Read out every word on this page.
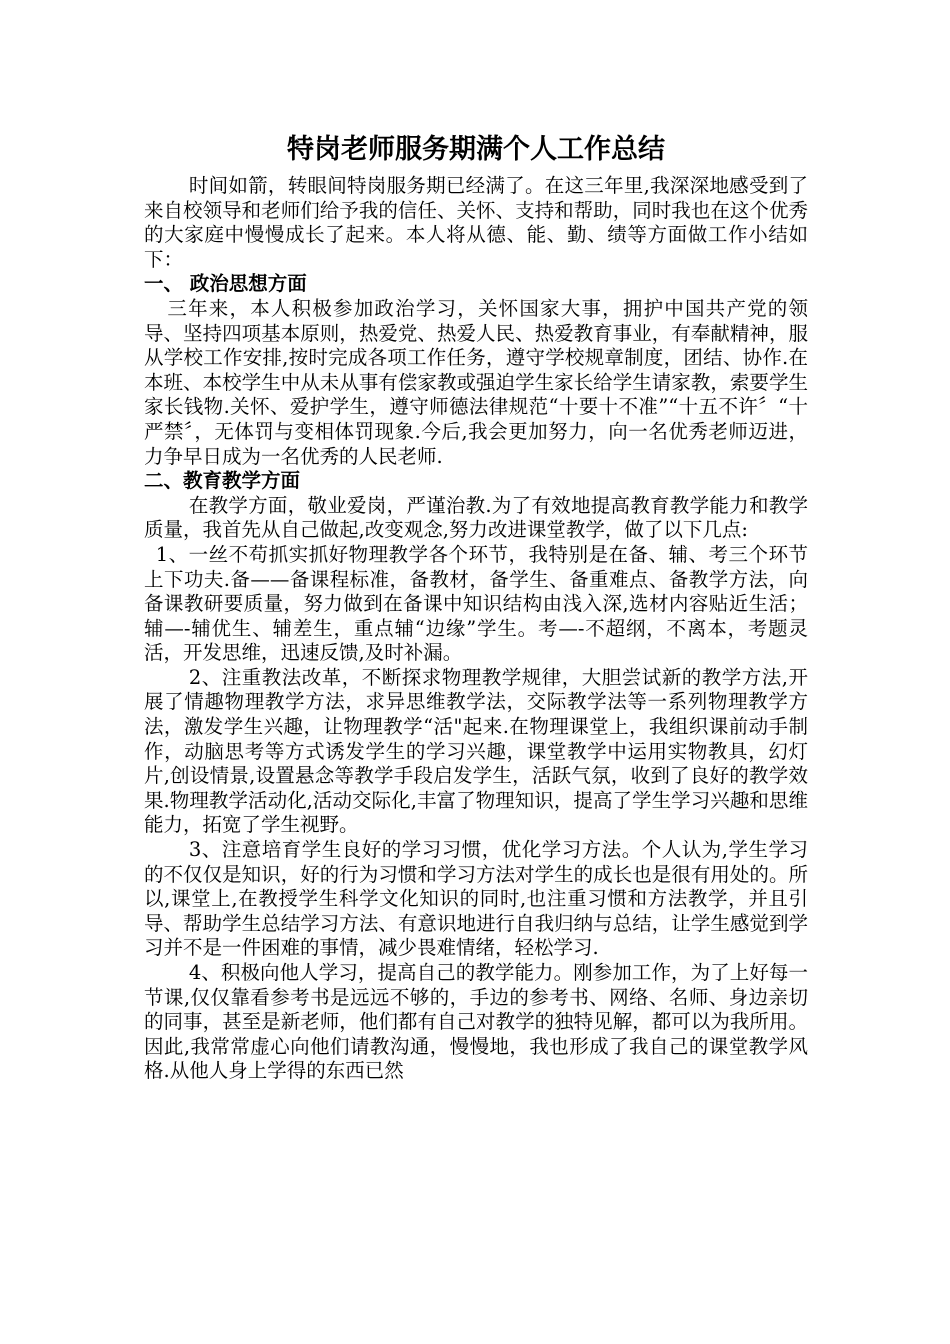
特岗老师服务期满个人工作总结

时间如箭，转眼间特岗服务期已经满了。在这三年里,我深深地感受到了来自校领导和老师们给予我的信任、关怀、支持和帮助，同时我也在这个优秀的大家庭中慢慢成长了起来。本人将从德、能、勤、绩等方面做工作小结如下：

一、 政治思想方面

三年来，本人积极参加政治学习，关怀国家大事，拥护中国共产党的领导、坚持四项基本原则，热爱党、热爱人民、热爱教育事业，有奉献精神，服从学校工作安排,按时完成各项工作任务，遵守学校规章制度，团结、协作.在本班、本校学生中从未从事有偿家教或强迫学生家长给学生请家教，索要学生家长钱物.关怀、爱护学生，遵守师德法律规范“十要十不准”“十五不许〞“十严禁〞，无体罚与变相体罚现象.今后,我会更加努力，向一名优秀老师迈进，力争早日成为一名优秀的人民老师.

二、教育教学方面

在教学方面，敬业爱岗，严谨治教.为了有效地提高教育教学能力和教学质量，我首先从自己做起,改变观念,努力改进课堂教学，做了以下几点:

1、一丝不苟抓实抓好物理教学各个环节，我特别是在备、辅、考三个环节上下功夫.备——备课程标准，备教材，备学生、备重难点、备教学方法，向备课教研要质量，努力做到在备课中知识结构由浅入深,选材内容贴近生活；辅—-辅优生、辅差生，重点辅“边缘”学生。考—-不超纲，不离本，考题灵活，开发思维，迅速反馈,及时补漏。

2、注重教法改革，不断探求物理教学规律，大胆尝试新的教学方法,开展了情趣物理教学方法，求异思维教学法，交际教学法等一系列物理教学方法，激发学生兴趣，让物理教学“活"起来.在物理课堂上，我组织课前动手制作，动脑思考等方式诱发学生的学习兴趣，课堂教学中运用实物教具，幻灯片,创设情景,设置悬念等教学手段启发学生，活跃气氛，收到了良好的教学效果.物理教学活动化,活动交际化,丰富了物理知识，提高了学生学习兴趣和思维能力，拓宽了学生视野。

3、注意培育学生良好的学习习惯，优化学习方法。个人认为,学生学习的不仅仅是知识，好的行为习惯和学习方法对学生的成长也是很有用处的。所以,课堂上,在教授学生科学文化知识的同时,也注重习惯和方法教学，并且引导、帮助学生总结学习方法、有意识地进行自我归纳与总结，让学生感觉到学习并不是一件困难的事情，减少畏难情绪，轻松学习.

4、积极向他人学习，提高自己的教学能力。刚参加工作，为了上好每一节课,仅仅靠看参考书是远远不够的，手边的参考书、网络、名师、身边亲切的同事，甚至是新老师，他们都有自己对教学的独特见解，都可以为我所用。因此,我常常虚心向他们请教沟通，慢慢地，我也形成了我自己的课堂教学风格.从他人身上学得的东西已然
